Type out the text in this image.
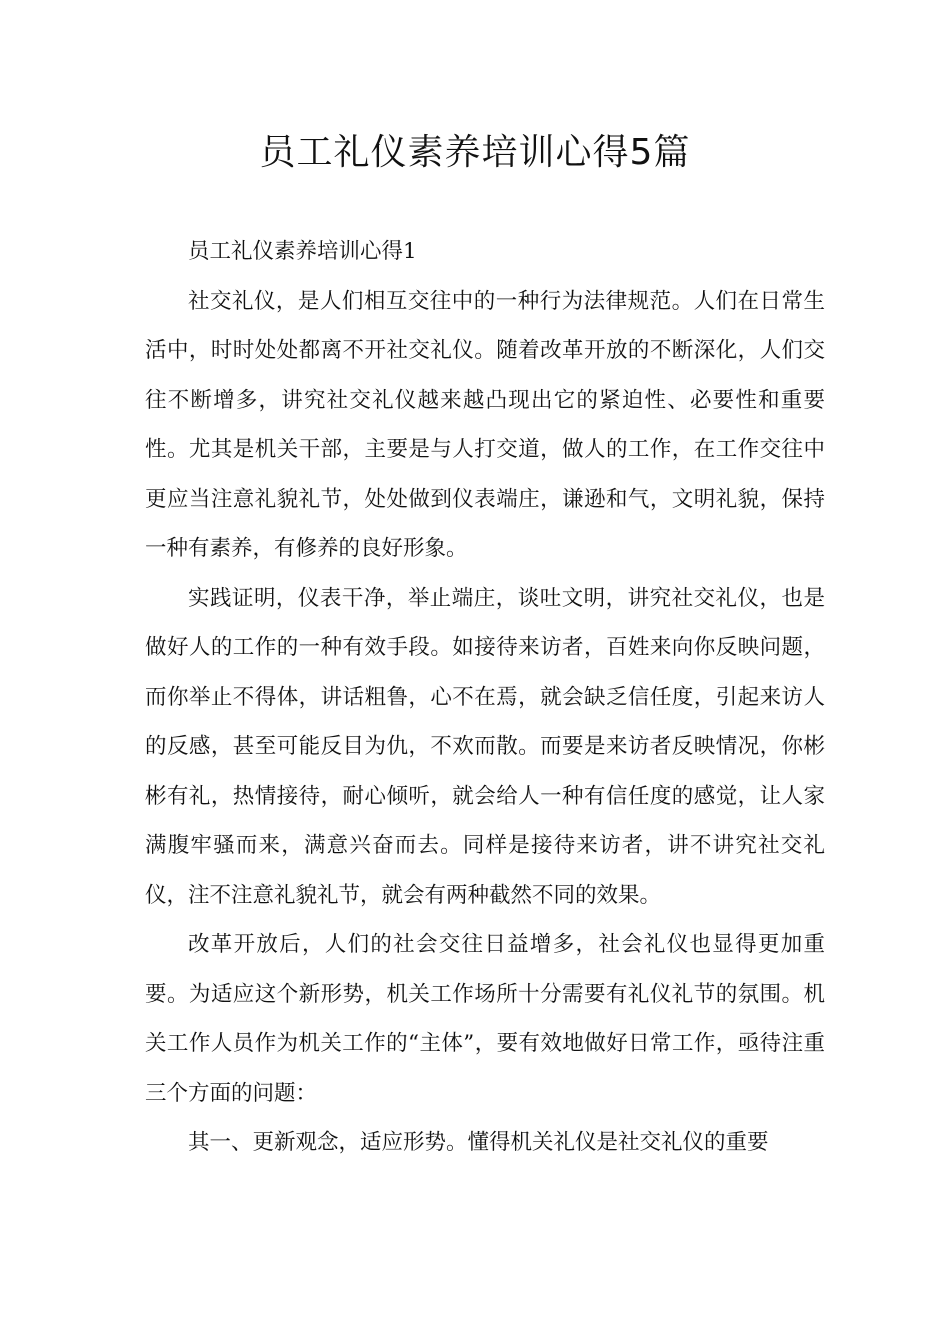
员工礼仪素养培训心得5篇

员工礼仪素养培训心得1

社交礼仪，是人们相互交往中的一种行为法律规范。人们在日常生活中，时时处处都离不开社交礼仪。随着改革开放的不断深化，人们交往不断增多，讲究社交礼仪越来越凸现出它的紧迫性、必要性和重要性。尤其是机关干部，主要是与人打交道，做人的工作，在工作交往中更应当注意礼貌礼节，处处做到仪表端庄，谦逊和气，文明礼貌，保持一种有素养，有修养的良好形象。

实践证明，仪表干净，举止端庄，谈吐文明，讲究社交礼仪，也是做好人的工作的一种有效手段。如接待来访者，百姓来向你反映问题，而你举止不得体，讲话粗鲁，心不在焉，就会缺乏信任度，引起来访人的反感，甚至可能反目为仇，不欢而散。而要是来访者反映情况，你彬彬有礼，热情接待，耐心倾听，就会给人一种有信任度的感觉，让人家满腹牢骚而来，满意兴奋而去。同样是接待来访者，讲不讲究社交礼仪，注不注意礼貌礼节，就会有两种截然不同的效果。

改革开放后，人们的社会交往日益增多，社会礼仪也显得更加重要。为适应这个新形势，机关工作场所十分需要有礼仪礼节的氛围。机关工作人员作为机关工作的“主体”，要有效地做好日常工作，亟待注重三个方面的问题：

其一、更新观念，适应形势。懂得机关礼仪是社交礼仪的重要
